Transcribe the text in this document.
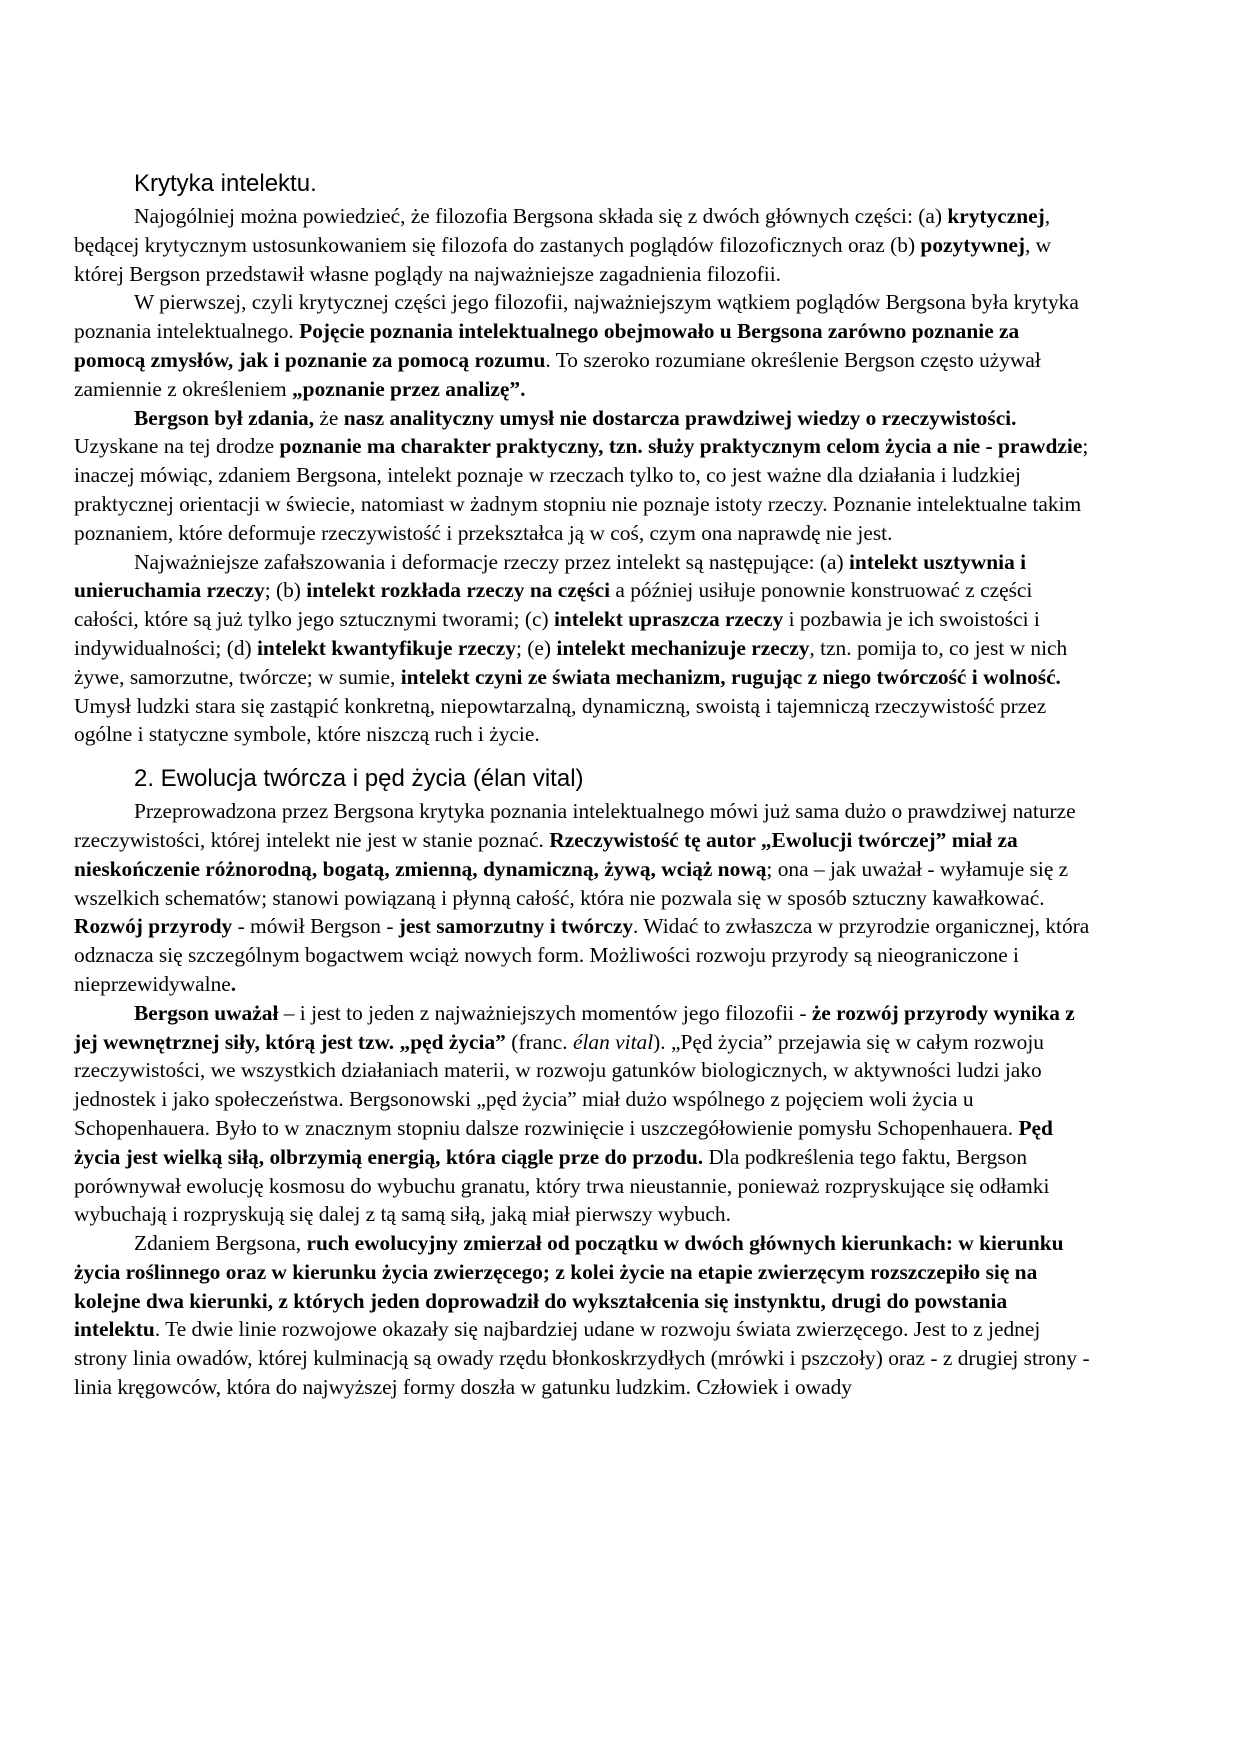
Krytyka intelektu.

Najogólniej można powiedzieć, że filozofia Bergsona składa się z dwóch głównych części: (a) krytycznej, będącej krytycznym ustosunkowaniem się filozofa do zastanych poglądów filozoficznych oraz (b) pozytywnej, w której Bergson przedstawił własne poglądy na najważniejsze zagadnienia filozofii.

W pierwszej, czyli krytycznej części jego filozofii, najważniejszym wątkiem poglądów Bergsona była krytyka poznania intelektualnego. Pojęcie poznania intelektualnego obejmowało u Bergsona zarówno poznanie za pomocą zmysłów, jak i poznanie za pomocą rozumu. To szeroko rozumiane określenie Bergson często używał zamiennie z określeniem „poznanie przez analizę”.

Bergson był zdania, że nasz analityczny umysł nie dostarcza prawdziwej wiedzy o rzeczywistości. Uzyskane na tej drodze poznanie ma charakter praktyczny, tzn. służy praktycznym celom życia a nie - prawdzie; inaczej mówiąc, zdaniem Bergsona, intelekt poznaje w rzeczach tylko to, co jest ważne dla działania i ludzkiej praktycznej orientacji w świecie, natomiast w żadnym stopniu nie poznaje istoty rzeczy. Poznanie intelektualne takim poznaniem, które deformuje rzeczywistość i przekształca ją w coś, czym ona naprawdę nie jest.

Najważniejsze zafałszowania i deformacje rzeczy przez intelekt są następujące: (a) intelekt usztywnia i unieruchamia rzeczy; (b) intelekt rozkłada rzeczy na części a później usiłuje ponownie konstruować z części całości, które są już tylko jego sztucznymi tworami; (c) intelekt upraszcza rzeczy i pozbawia je ich swoistości i indywidualności; (d) intelekt kwantyfikuje rzeczy; (e) intelekt mechanizuje rzeczy, tzn. pomija to, co jest w nich żywe, samorzutne, twórcze; w sumie, intelekt czyni ze świata mechanizm, rugując z niego twórczość i wolność. Umysł ludzki stara się zastąpić konkretną, niepowtarzalną, dynamiczną, swoistą i tajemniczą rzeczywistość przez ogólne i statyczne symbole, które niszczą ruch i życie.

2. Ewolucja twórcza i pęd życia (élan vital)

Przeprowadzona przez Bergsona krytyka poznania intelektualnego mówi już sama dużo o prawdziwej naturze rzeczywistości, której intelekt nie jest w stanie poznać. Rzeczywistość tę autor „Ewolucji twórczej” miał za nieskończenie różnorodną, bogatą, zmienną, dynamiczną, żywą, wciąż nową; ona – jak uważał - wyłamuje się z wszelkich schematów; stanowi powiązaną i płynną całość, która nie pozwala się w sposób sztuczny kawałkować. Rozwój przyrody - mówił Bergson - jest samorzutny i twórczy. Widać to zwłaszcza w przyrodzie organicznej, która odznacza się szczególnym bogactwem wciąż nowych form. Możliwości rozwoju przyrody są nieograniczone i nieprzewidywalne.

Bergson uważał – i jest to jeden z najważniejszych momentów jego filozofii - że rozwój przyrody wynika z jej wewnętrznej siły, którą jest tzw. „pęd życia” (franc. élan vital). „Pęd życia” przejawia się w całym rozwoju rzeczywistości, we wszystkich działaniach materii, w rozwoju gatunków biologicznych, w aktywności ludzi jako jednostek i jako społeczeństwa. Bergsonowski „pęd życia” miał dużo wspólnego z pojęciem woli życia u Schopenhauera. Było to w znacznym stopniu dalsze rozwinięcie i uszczegółowienie pomysłu Schopenhauera. Pęd życia jest wielką siłą, olbrzymią energią, która ciągle prze do przodu. Dla podkreślenia tego faktu, Bergson porównywał ewolucję kosmosu do wybuchu granatu, który trwa nieustannie, ponieważ rozpryskujące się odłamki wybuchają i rozpryskują się dalej z tą samą siłą, jaką miał pierwszy wybuch.

Zdaniem Bergsona, ruch ewolucyjny zmierzał od początku w dwóch głównych kierunkach: w kierunku życia roślinnego oraz w kierunku życia zwierzęcego; z kolei życie na etapie zwierzęcym rozszczepiło się na kolejne dwa kierunki, z których jeden doprowadził do wykształcenia się instynktu, drugi do powstania intelektu. Te dwie linie rozwojowe okazały się najbardziej udane w rozwoju świata zwierzęcego. Jest to z jednej strony linia owadów, której kulminacją są owady rzędu błonkoskrzydłych (mrówki i pszczoły) oraz - z drugiej strony - linia kręgowców, która do najwyższej formy doszła w gatunku ludzkim. Człowiek i owady
